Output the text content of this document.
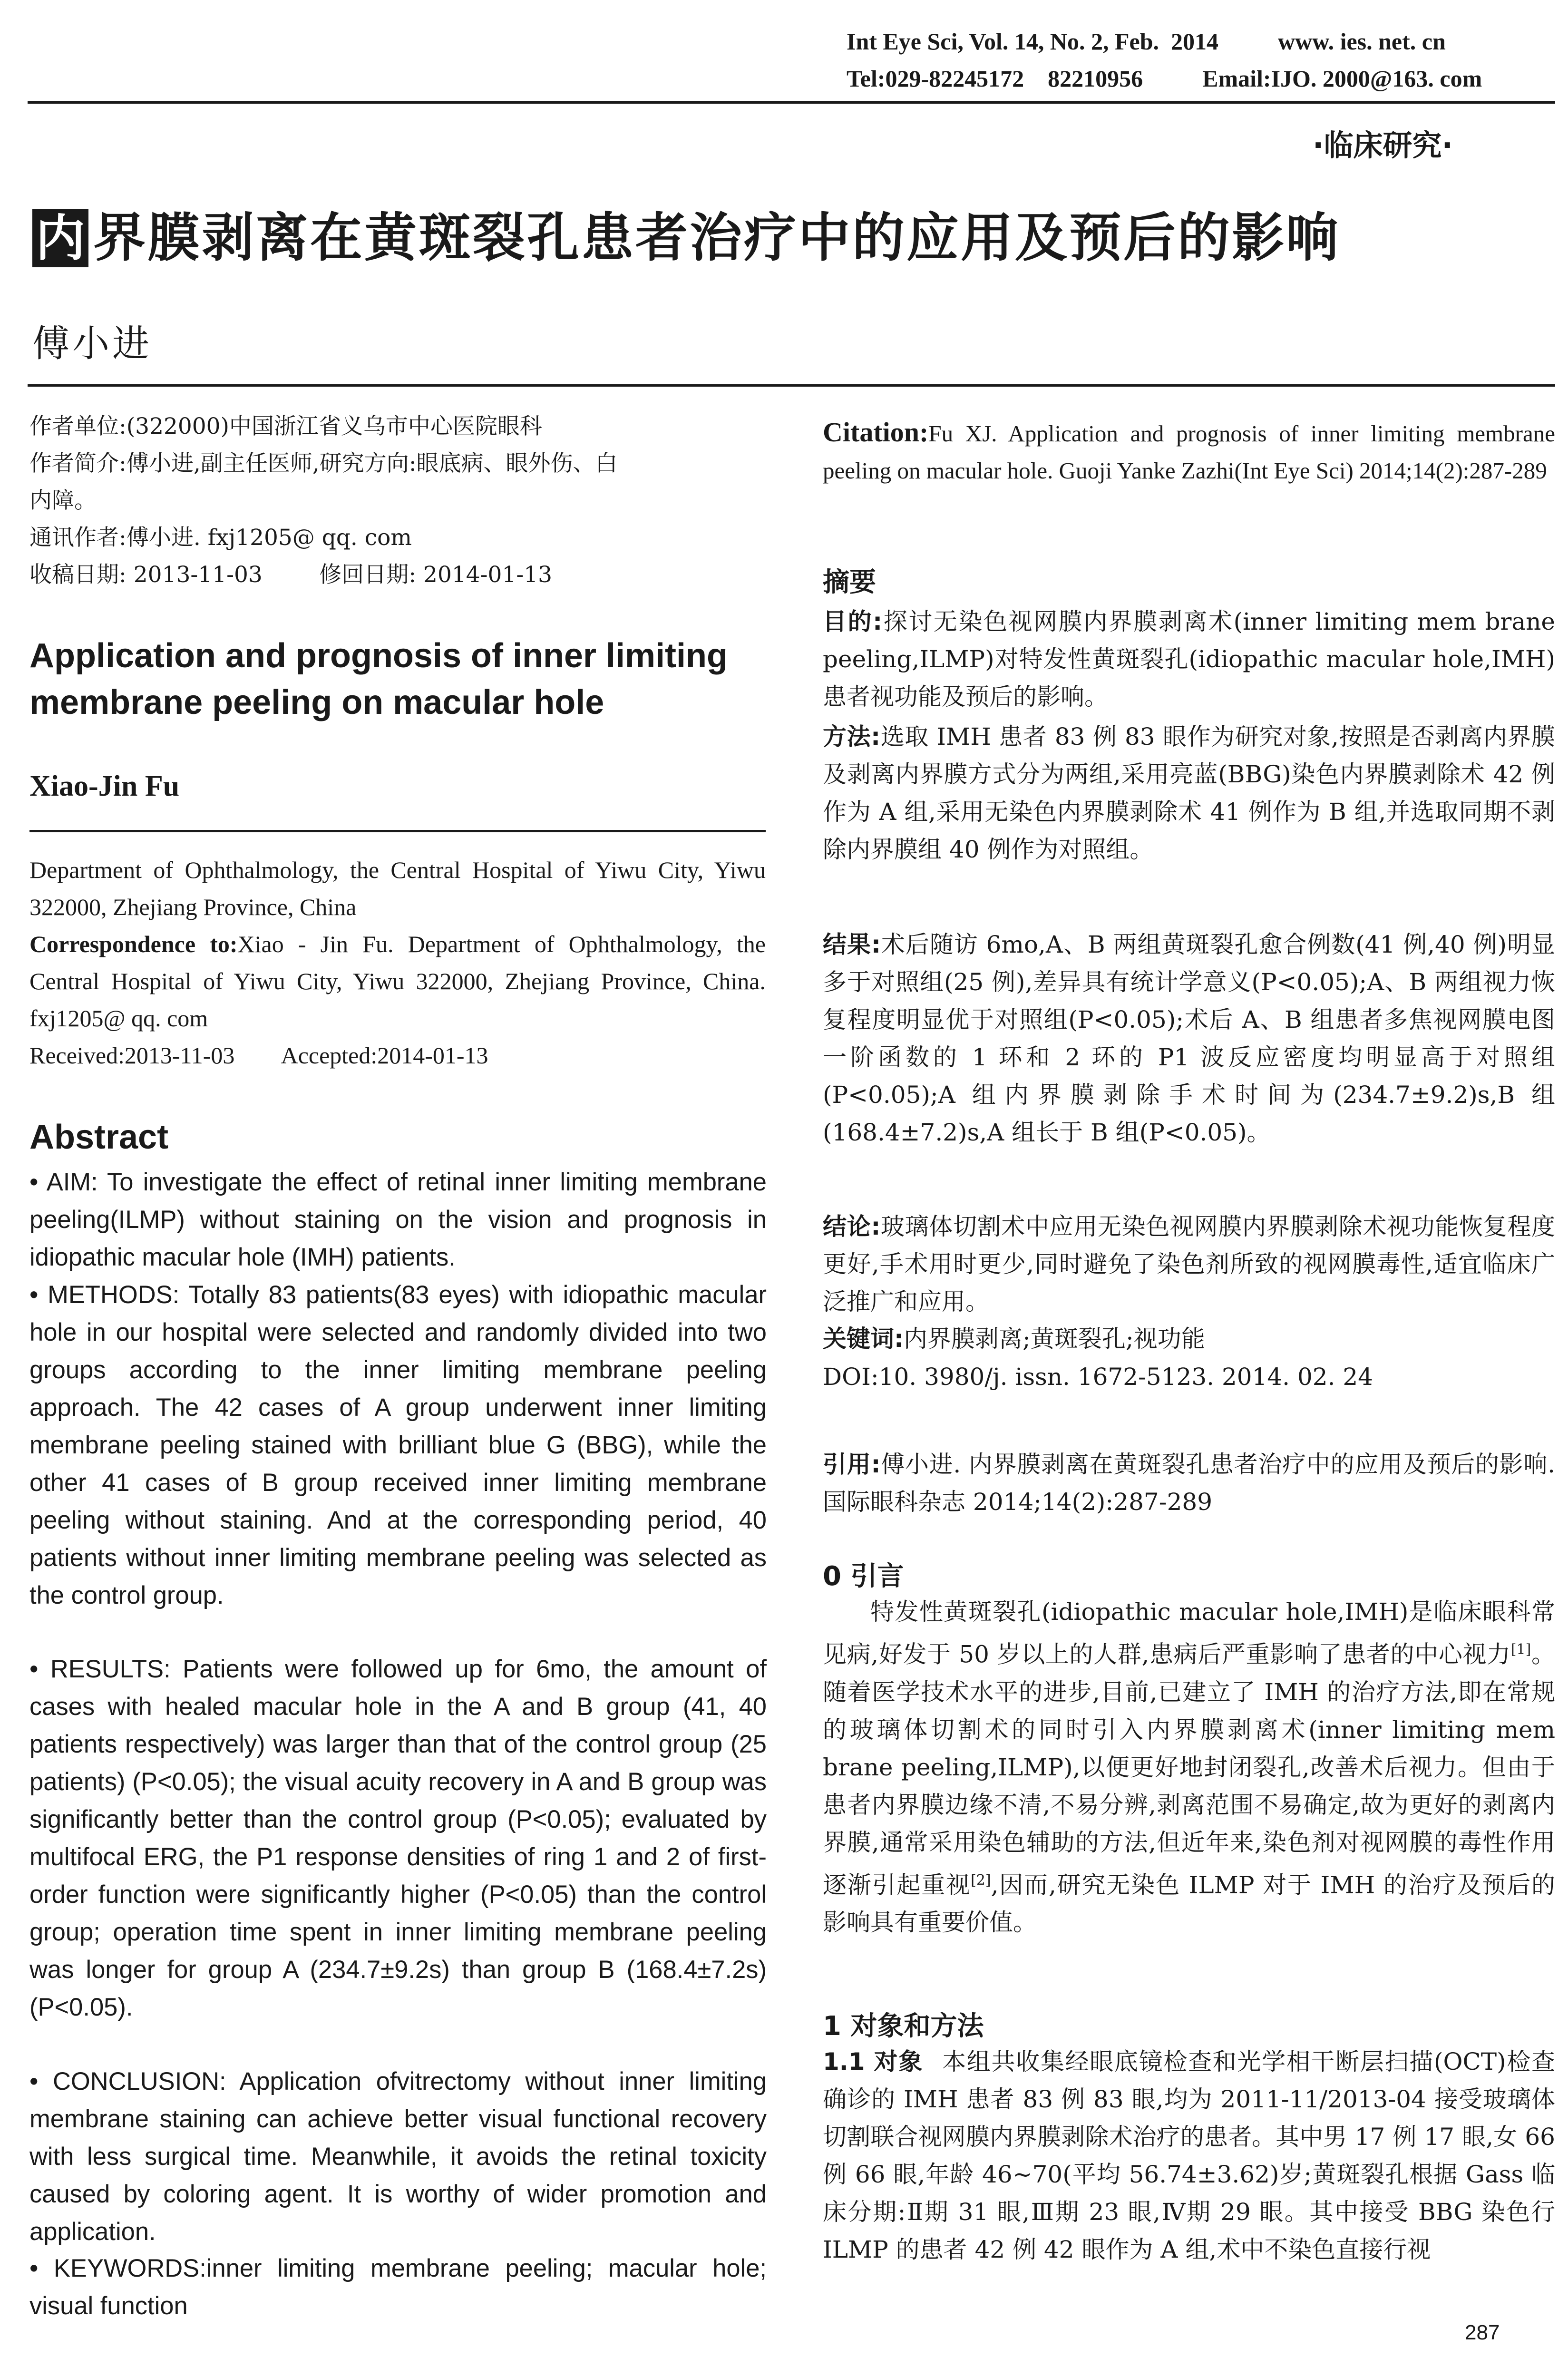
Int Eye Sci, Vol. 14, No. 2, Feb.  2014          www. ies. net. cn
Tel:029-82245172    82210956          Email:IJO. 2000@163. com
·临床研究·
内 界膜剥离在黄斑裂孔患者治疗中的应用及预后的影响
傅小进
作者单位:(322000)中国浙江省义乌市中心医院眼科
作者简介:傅小进,副主任医师,研究方向:眼底病、眼外伤、白
内障。
通讯作者:傅小进. fxj1205@ qq. com
收稿日期: 2013-11-03        修回日期: 2014-01-13
Application and prognosis of inner limiting membrane peeling on macular hole
Xiao-Jin Fu
Department of Ophthalmology, the Central Hospital of Yiwu City, Yiwu 322000, Zhejiang Province, China
Correspondence to:Xiao - Jin Fu. Department of Ophthalmology, the Central Hospital of Yiwu City, Yiwu 322000, Zhejiang Province, China. fxj1205@ qq. com
Received:2013-11-03        Accepted:2014-01-13
Abstract
• AIM: To investigate the effect of retinal inner limiting membrane peeling(ILMP) without staining on the vision and prognosis in idiopathic macular hole (IMH) patients.
• METHODS: Totally 83 patients(83 eyes) with idiopathic macular hole in our hospital were selected and randomly divided into two groups according to the inner limiting membrane peeling approach. The 42 cases of A group underwent inner limiting membrane peeling stained with brilliant blue G (BBG), while the other 41 cases of B group received inner limiting membrane peeling without staining. And at the corresponding period, 40 patients without inner limiting membrane peeling was selected as the control group.
• RESULTS: Patients were followed up for 6mo, the amount of cases with healed macular hole in the A and B group (41, 40 patients respectively) was larger than that of the control group (25 patients) (P<0.05); the visual acuity recovery in A and B group was significantly better than the control group (P<0.05); evaluated by multifocal ERG, the P1 response densities of ring 1 and 2 of first-order function were significantly higher (P<0.05) than the control group; operation time spent in inner limiting membrane peeling was longer for group A (234.7±9.2s) than group B (168.4±7.2s) (P<0.05).
• CONCLUSION: Application ofvitrectomy without inner limiting membrane staining can achieve better visual functional recovery with less surgical time. Meanwhile, it avoids the retinal toxicity caused by coloring agent. It is worthy of wider promotion and application.
• KEYWORDS:inner limiting membrane peeling; macular hole; visual function
Citation:Fu XJ. Application and prognosis of inner limiting membrane peeling on macular hole. Guoji Yanke Zazhi(Int Eye Sci) 2014;14(2):287-289
摘要
目的:探讨无染色视网膜内界膜剥离术(inner limiting mem brane peeling,ILMP)对特发性黄斑裂孔(idiopathic macular hole,IMH)患者视功能及预后的影响。
方法:选取 IMH 患者 83 例 83 眼作为研究对象,按照是否剥离内界膜及剥离内界膜方式分为两组,采用亮蓝(BBG)染色内界膜剥除术 42 例作为 A 组,采用无染色内界膜剥除术 41 例作为 B 组,并选取同期不剥除内界膜组 40 例作为对照组。
结果:术后随访 6mo,A、B 两组黄斑裂孔愈合例数(41 例,40 例)明显多于对照组(25 例),差异具有统计学意义(P<0.05);A、B 两组视力恢复程度明显优于对照组(P<0.05);术后 A、B 组患者多焦视网膜电图一阶函数的 1 环和 2 环的 P1 波反应密度均明显高于对照组(P<0.05);A 组内界膜剥除手术时间为(234.7±9.2)s,B 组(168.4±7.2)s,A 组长于 B 组(P<0.05)。
结论:玻璃体切割术中应用无染色视网膜内界膜剥除术视功能恢复程度更好,手术用时更少,同时避免了染色剂所致的视网膜毒性,适宜临床广泛推广和应用。
关键词:内界膜剥离;黄斑裂孔;视功能
DOI:10. 3980/j. issn. 1672-5123. 2014. 02. 24
引用:傅小进. 内界膜剥离在黄斑裂孔患者治疗中的应用及预后的影响. 国际眼科杂志 2014;14(2):287-289
0 引言
特发性黄斑裂孔(idiopathic macular hole,IMH)是临床眼科常见病,好发于 50 岁以上的人群,患病后严重影响了患者的中心视力[1]。随着医学技术水平的进步,目前,已建立了 IMH 的治疗方法,即在常规的玻璃体切割术的同时引入内界膜剥离术(inner limiting mem brane peeling,ILMP),以便更好地封闭裂孔,改善术后视力。但由于患者内界膜边缘不清,不易分辨,剥离范围不易确定,故为更好的剥离内界膜,通常采用染色辅助的方法,但近年来,染色剂对视网膜的毒性作用逐渐引起重视[2],因而,研究无染色 ILMP 对于 IMH 的治疗及预后的影响具有重要价值。
1 对象和方法
1.1 对象 本组共收集经眼底镜检查和光学相干断层扫描(OCT)检查确诊的 IMH 患者 83 例 83 眼,均为 2011-11/2013-04 接受玻璃体切割联合视网膜内界膜剥除术治疗的患者。其中男 17 例 17 眼,女 66 例 66 眼,年龄 46~70(平均 56.74±3.62)岁;黄斑裂孔根据 Gass 临床分期:Ⅱ期 31 眼,Ⅲ期 23 眼,Ⅳ期 29 眼。其中接受 BBG 染色行 ILMP 的患者 42 例 42 眼作为 A 组,术中不染色直接行视
287
